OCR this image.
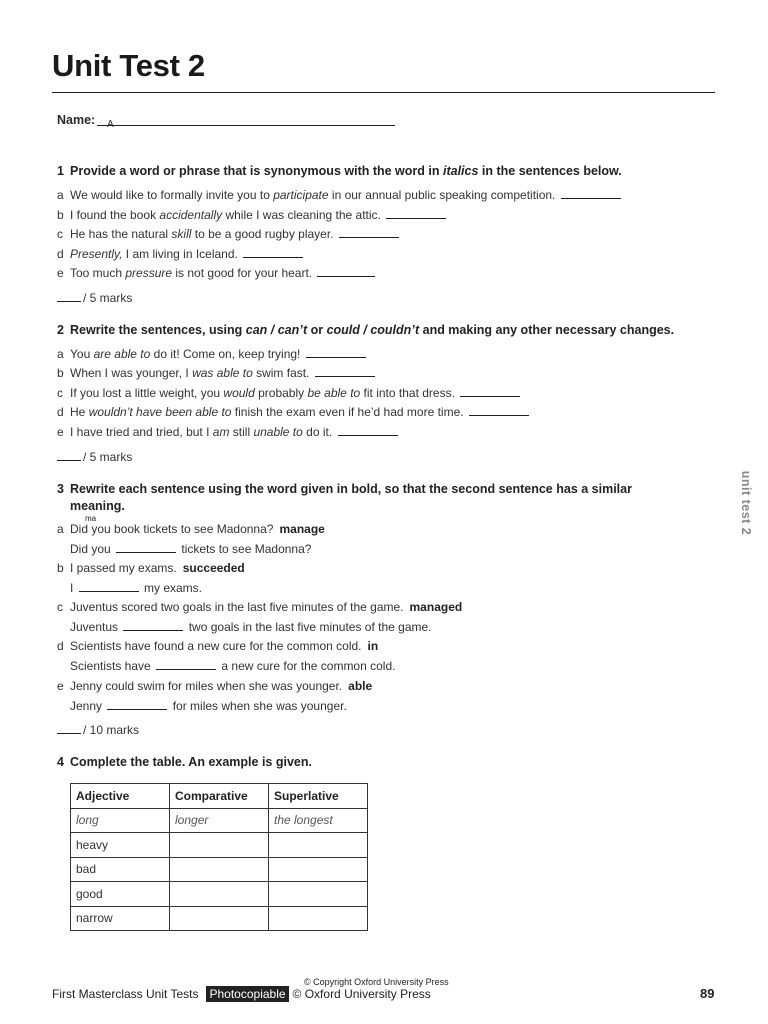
Unit Test 2
Name: A
1 Provide a word or phrase that is synonymous with the word in italics in the sentences below.
a We would like to formally invite you to participate in our annual public speaking competition.
b I found the book accidentally while I was cleaning the attic.
c He has the natural skill to be a good rugby player.
d Presently, I am living in Iceland.
e Too much pressure is not good for your heart.
/ 5 marks
2 Rewrite the sentences, using can / can’t or could / couldn’t and making any other necessary changes.
a You are able to do it! Come on, keep trying!
b When I was younger, I was able to swim fast.
c If you lost a little weight, you would probably be able to fit into that dress.
d He wouldn’t have been able to finish the exam even if he’d had more time.
e I have tried and tried, but I am still unable to do it.
/ 5 marks
3 Rewrite each sentence using the word given in bold, so that the second sentence has a similar
meaning.
ma
a Did you book tickets to see Madonna? manage
Did you	tickets to see Madonna?
b I passed my exams. succeeded
I	my exams.
c Juventus scored two goals in the last five minutes of the game. managed
Juventus	two goals in the last five minutes of the game.
d Scientists have found a new cure for the common cold. in
Scientists have	a new cure for the common cold.
e Jenny could swim for miles when she was younger. able
Jenny	for miles when she was younger.
/ 10 marks
4 Complete the table. An example is given.
Adjective	Comparative	Superlative
long	longer	the longest
heavy		
bad		
good		
narrow		
unit test 2
© Copyright Oxford University Press
First Masterclass Unit Tests Photocopiable © Oxford University Press	89
